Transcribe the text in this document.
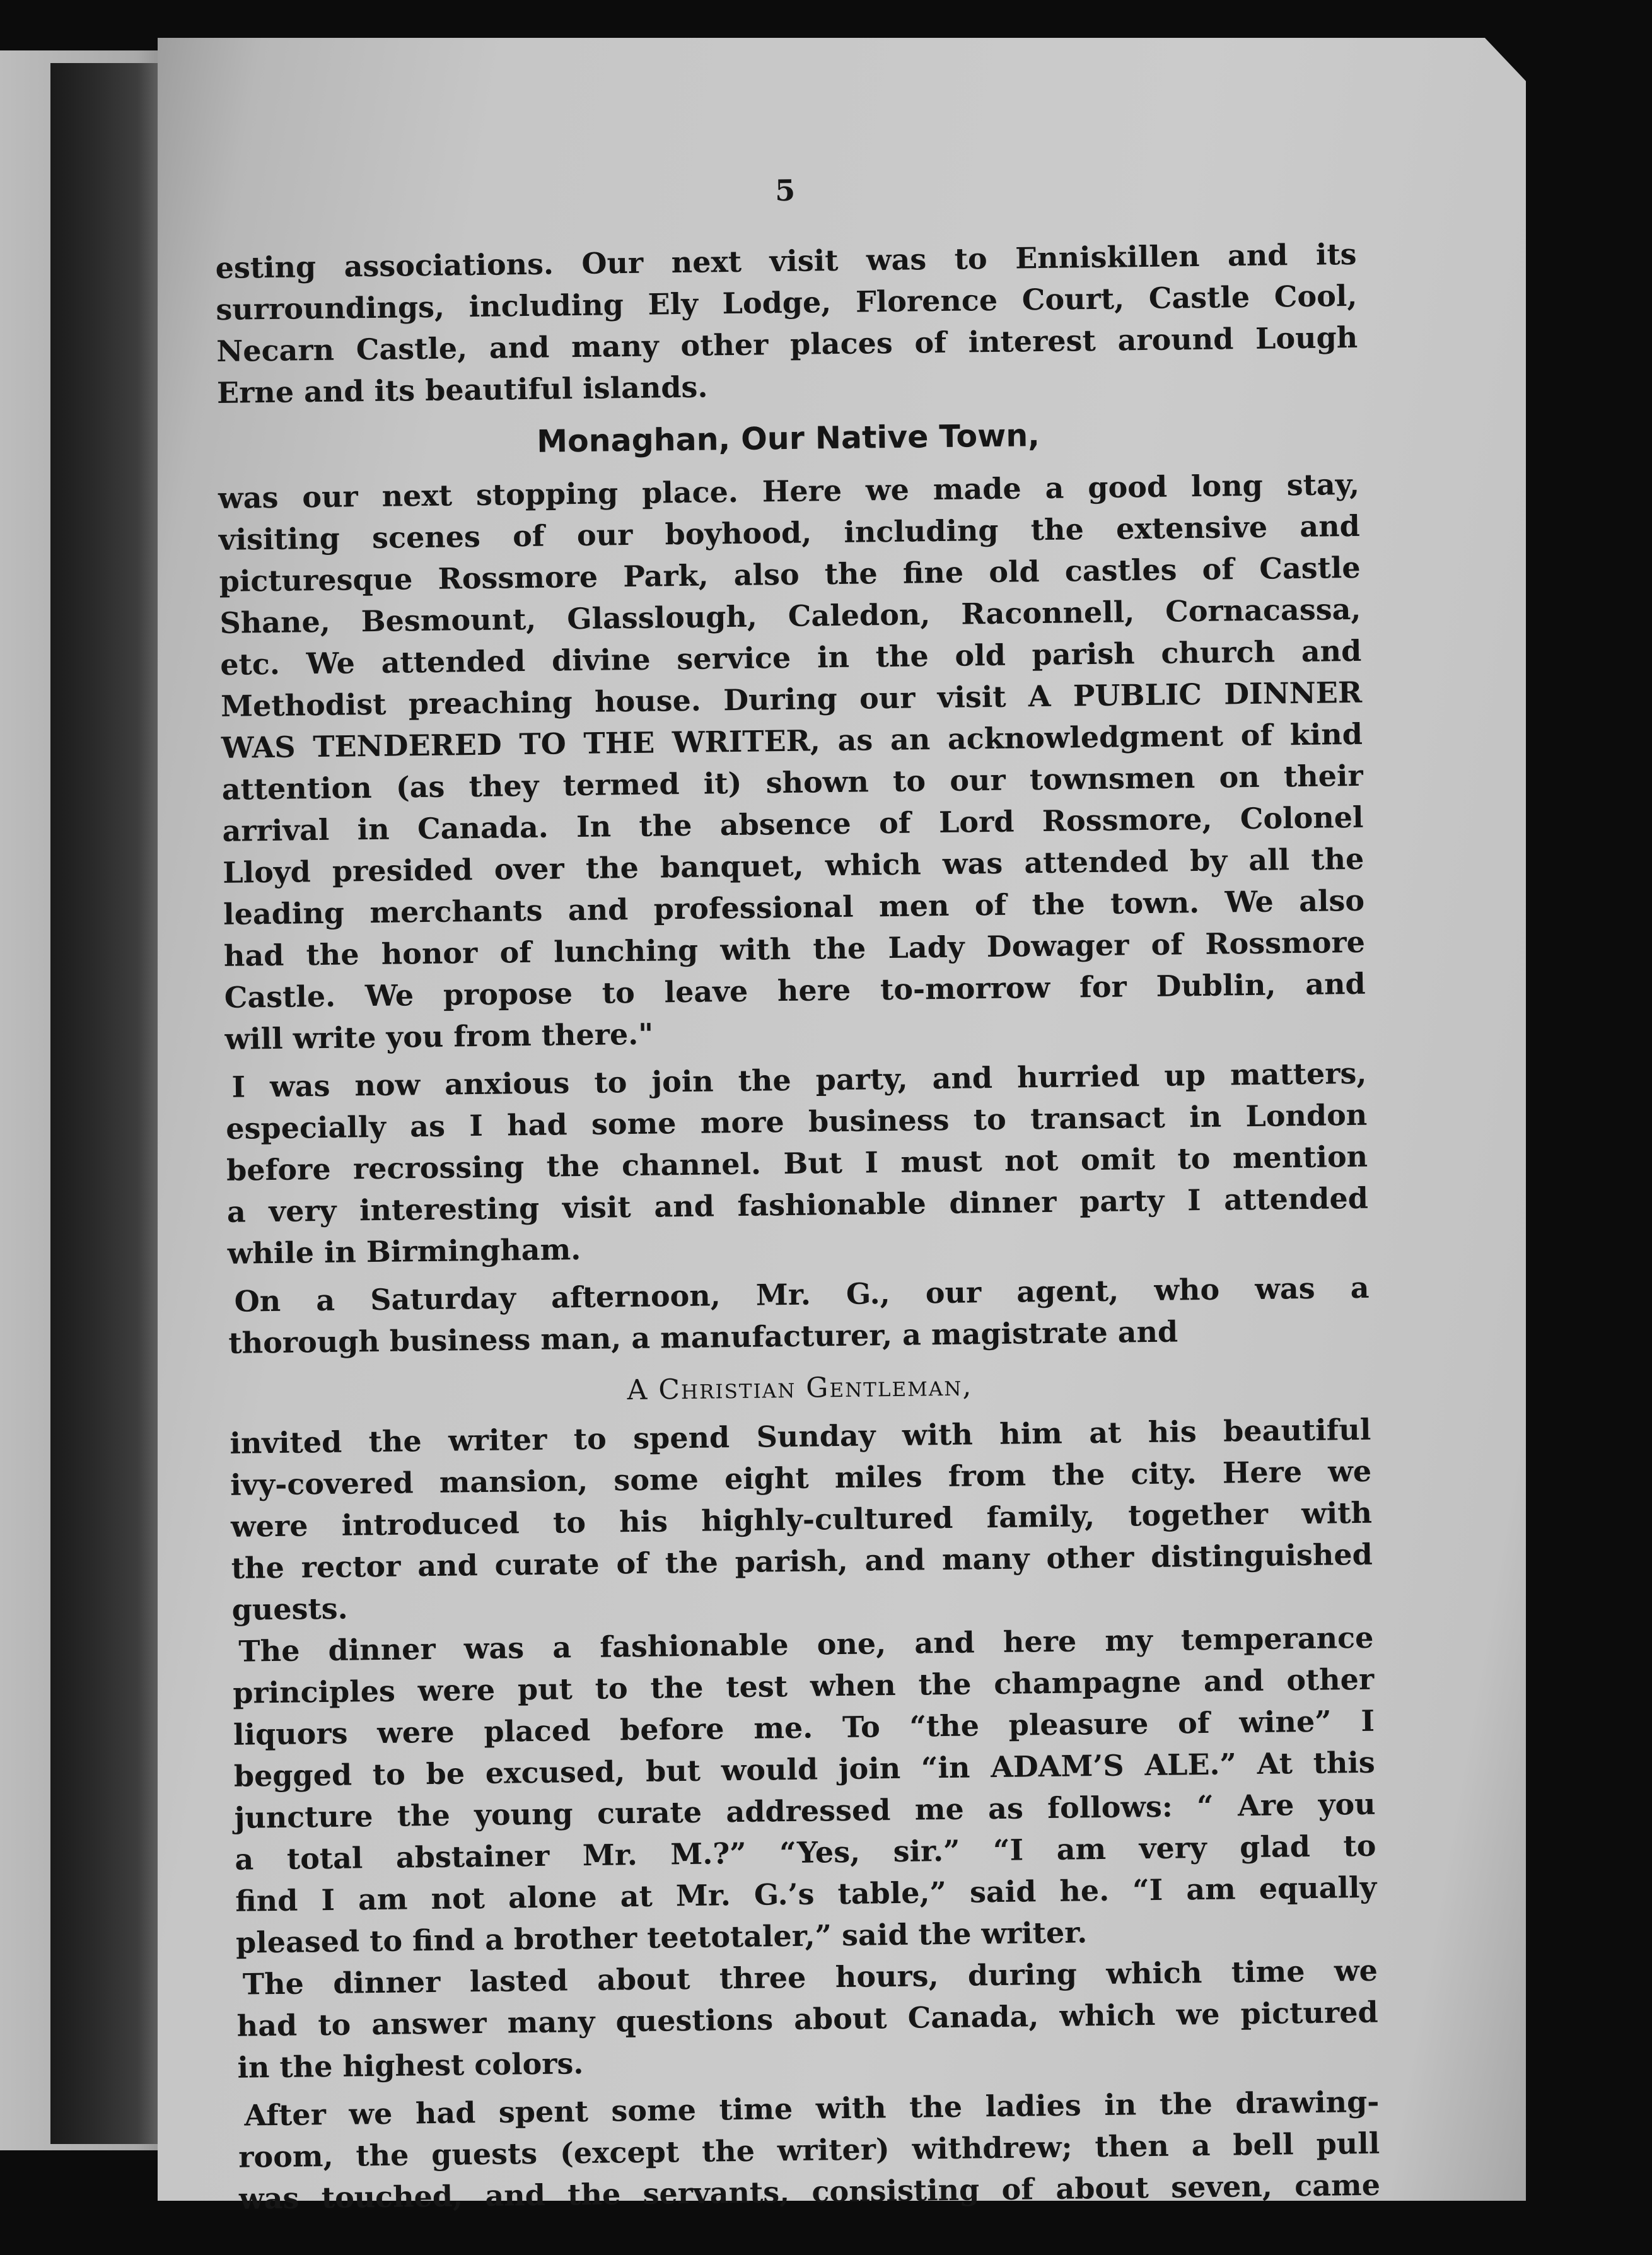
5
esting associations. Our next visit was to Enniskillen and its
surroundings, including Ely Lodge, Florence Court, Castle Cool,
Necarn Castle, and many other places of interest around Lough
Erne and its beautiful islands.
Monaghan, Our Native Town,
was our next stopping place. Here we made a good long stay,
visiting scenes of our boyhood, including the extensive and
picturesque Rossmore Park, also the fine old castles of Castle
Shane, Besmount, Glasslough, Caledon, Raconnell, Cornacassa,
etc. We attended divine service in the old parish church and
Methodist preaching house. During our visit A PUBLIC DINNER
WAS TENDERED TO THE WRITER, as an acknowledgment of kind
attention (as they termed it) shown to our townsmen on their
arrival in Canada. In the absence of Lord Rossmore, Colonel
Lloyd presided over the banquet, which was attended by all the
leading merchants and professional men of the town. We also
had the honor of lunching with the Lady Dowager of Rossmore
Castle. We propose to leave here to-morrow for Dublin, and
will write you from there."
I was now anxious to join the party, and hurried up matters,
especially as I had some more business to transact in London
before recrossing the channel. But I must not omit to mention
a very interesting visit and fashionable dinner party I attended
while in Birmingham.
On a Saturday afternoon, Mr. G., our agent, who was a
thorough business man, a manufacturer, a magistrate and
A Christian Gentleman,
invited the writer to spend Sunday with him at his beautiful
ivy-covered mansion, some eight miles from the city. Here we
were introduced to his highly-cultured family, together with
the rector and curate of the parish, and many other distinguished
guests.
The dinner was a fashionable one, and here my temperance
principles were put to the test when the champagne and other
liquors were placed before me. To “the pleasure of wine” I
begged to be excused, but would join “in ADAM’S ALE.” At this
juncture the young curate addressed me as follows: “ Are you
a total abstainer Mr. M.?” “Yes, sir.” “I am very glad to
find I am not alone at Mr. G.’s table,” said he. “I am equally
pleased to find a brother teetotaler,” said the writer.
The dinner lasted about three hours, during which time we
had to answer many questions about Canada, which we pictured
in the highest colors.
After we had spent some time with the ladies in the drawing-
room, the guests (except the writer) withdrew; then a bell pull
was touched, and the servants, consisting of about seven, came
